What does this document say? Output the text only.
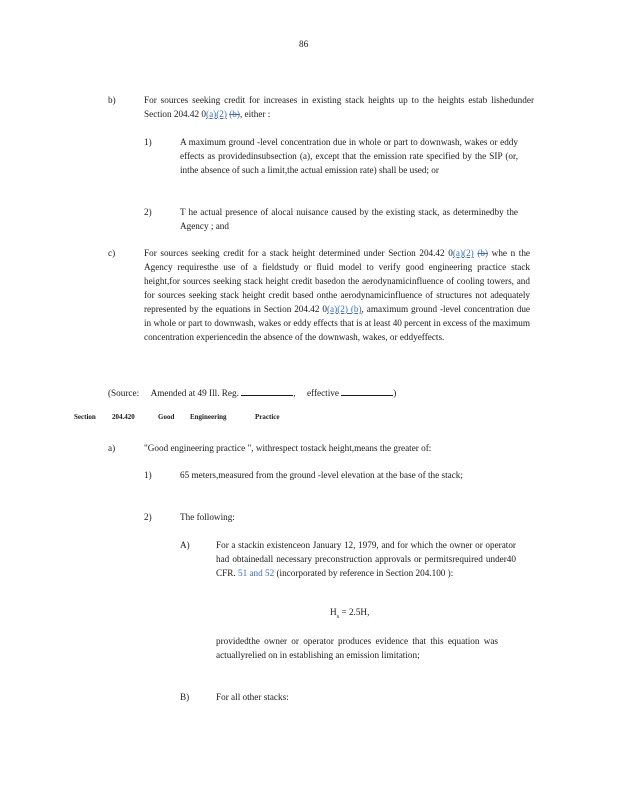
86
b)	For sources seeking credit for increases in existing stack heights up to the heights estab lishedunder Section 204.42 0(a)(2) (b), either :
1)	A maximum ground -level concentration due in whole or part to downwash, wakes or eddy effects as providedinsubsection (a), except that the emission rate specified by the SIP (or, inthe absence of such a limit,the actual emission rate) shall be used; or
2)	T he actual presence of alocal nuisance caused by the existing stack, as determinedby the Agency ; and
c)	For sources seeking credit for a stack height determined under Section 204.42 0(a)(2) (b) whe n the Agency requiresthe use of a fieldstudy or fluid model to verify good engineering practice stack height,for sources seeking stack height credit basedon the aerodynamicinfluence of cooling towers, and for sources seeking stack height credit based onthe aerodynamicinfluence of structures not adequately represented by the equations in Section 204.42 0(a)(2) (b), amaximum ground -level concentration due in whole or part to downwash, wakes or eddy effects that is at least 40 percent in excess of the maximum concentration experiencedin the absence of the downwash, wakes, or eddyeffects.
(Source: Amended at 49 Ill. Reg.	, effective	)
Section 204.420	Good Engineering	Practice
a)	"Good engineering practice ", withrespect tostack height,means the greater of:
1)	65 meters,measured from the ground -level elevation at the base of the stack;
2)	The following:
A)	For a stackin existenceon January 12, 1979, and for which the owner or operator had obtainedall necessary preconstruction approvals or permitsrequired under40 CFR. 51 and 52 (incorporated by reference in Section 204.100 ):
$H_s = 2.5H$,
providedthe owner or operator produces evidence that this equation was actuallyrelied on in establishing an emission limitation;
B)	For all other stacks:
